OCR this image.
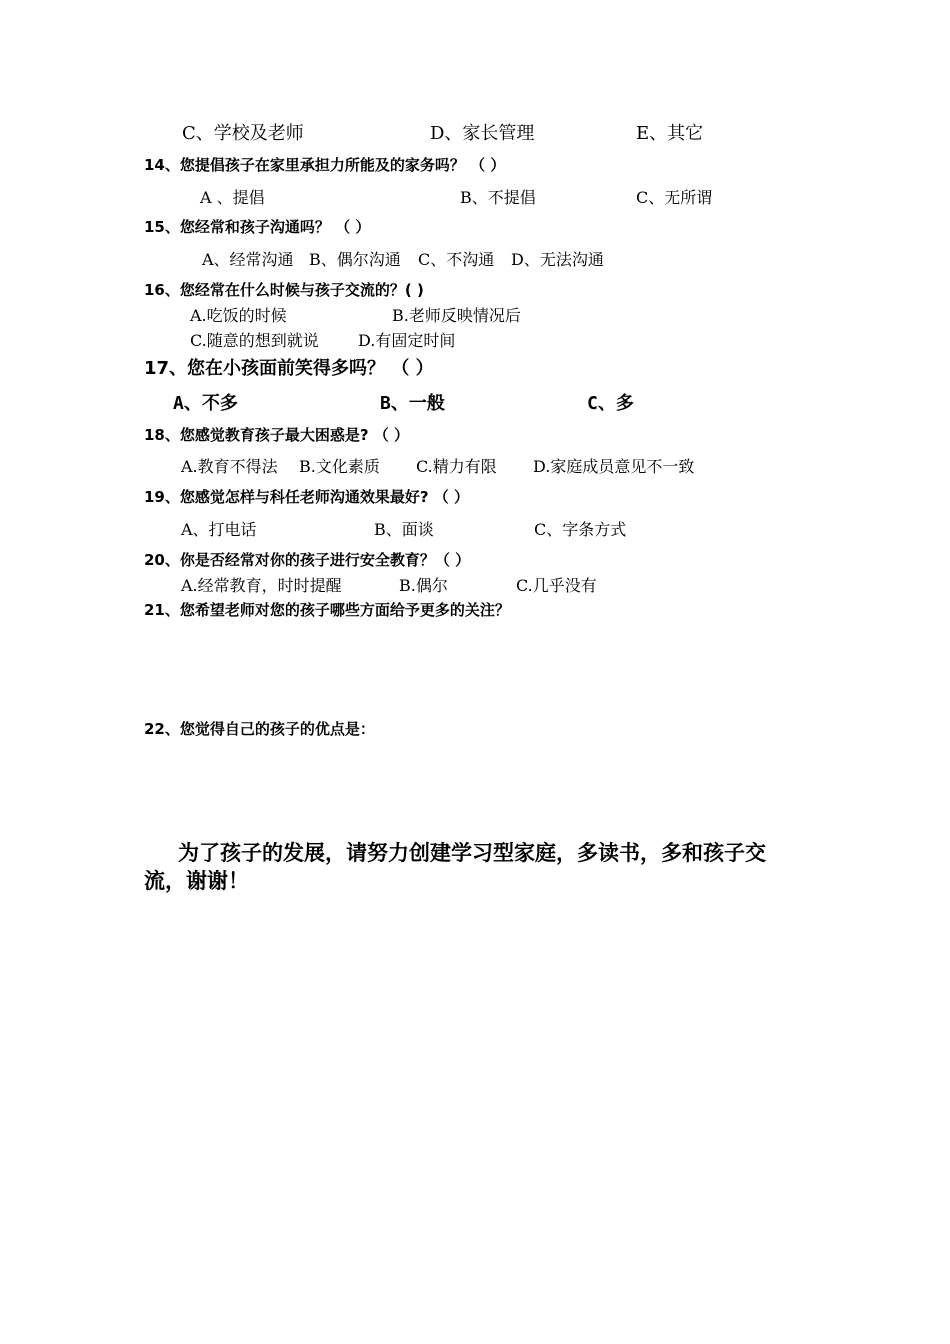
C、学校及老师	D、家长管理	E、其它
14、您提倡孩子在家里承担力所能及的家务吗？ （ ）
A 、提倡	B、不提倡	C、无所谓
15、您经常和孩子沟通吗？ （ ）
A、经常沟通 B、偶尔沟通 C、不沟通 D、无法沟通
16、您经常在什么时候与孩子交流的？( )
A.吃饭的时候	B.老师反映情况后
C.随意的想到就说 D.有固定时间
17、您在小孩面前笑得多吗？ （ ）
A、不多	B、一般	C、多
18、您感觉教育孩子最大困惑是? （ ）
A.教育不得法 B.文化素质 C.精力有限 D.家庭成员意见不一致
19、您感觉怎样与科任老师沟通效果最好? （ ）
A、打电话	B、面谈	C、字条方式
20、你是否经常对你的孩子进行安全教育？（ ）
A.经常教育，时时提醒	B.偶尔	C.几乎没有
21、您希望老师对您的孩子哪些方面给予更多的关注？
22、您觉得自己的孩子的优点是：
为了孩子的发展，请努力创建学习型家庭，多读书，多和孩子交
流，谢谢！
